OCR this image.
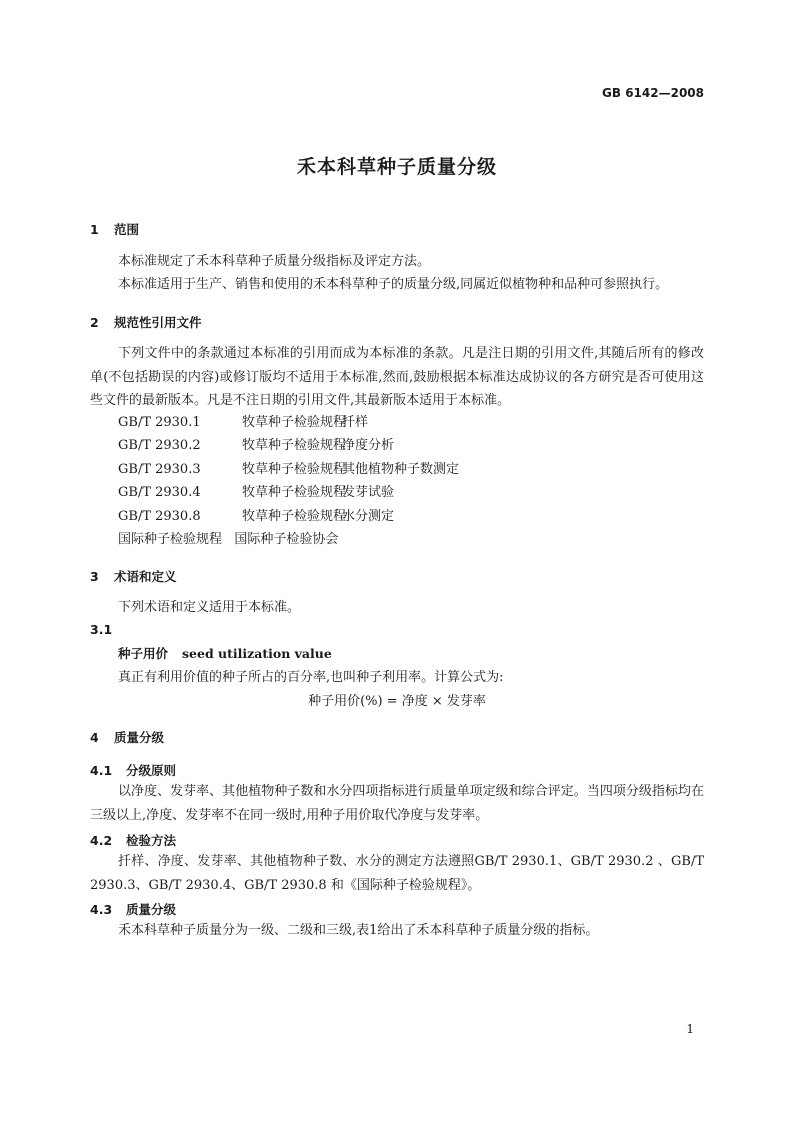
GB 6142—2008
禾本科草种子质量分级
1 范围
本标准规定了禾本科草种子质量分级指标及评定方法。
本标准适用于生产、销售和使用的禾本科草种子的质量分级,同属近似植物种和品种可参照执行。
2 规范性引用文件
下列文件中的条款通过本标准的引用而成为本标准的条款。凡是注日期的引用文件,其随后所有的修改单(不包括勘误的内容)或修订版均不适用于本标准,然而,鼓励根据本标准达成协议的各方研究是否可使用这些文件的最新版本。凡是不注日期的引用文件,其最新版本适用于本标准。
GB/T 2930.1	牧草种子检验规程扦样
GB/T 2930.2	牧草种子检验规程净度分析
GB/T 2930.3	牧草种子检验规程其他植物种子数测定
GB/T 2930.4	牧草种子检验规程发芽试验
GB/T 2930.8	牧草种子检验规程水分测定
国际种子检验规程 国际种子检验协会
3 术语和定义
下列术语和定义适用于本标准。
3.1
种子用价 seed utilization value
真正有利用价值的种子所占的百分率,也叫种子利用率。计算公式为:
种子用价(%) = 净度 × 发芽率
4 质量分级
4.1 分级原则
以净度、发芽率、其他植物种子数和水分四项指标进行质量单项定级和综合评定。当四项分级指标均在三级以上,净度、发芽率不在同一级时,用种子用价取代净度与发芽率。
4.2 检验方法
扦样、净度、发芽率、其他植物种子数、水分的测定方法遵照GB/T 2930.1、GB/T 2930.2 、GB/T 2930.3、GB/T 2930.4、GB/T 2930.8 和《国际种子检验规程》。
4.3 质量分级
禾本科草种子质量分为一级、二级和三级,表1给出了禾本科草种子质量分级的指标。
1
